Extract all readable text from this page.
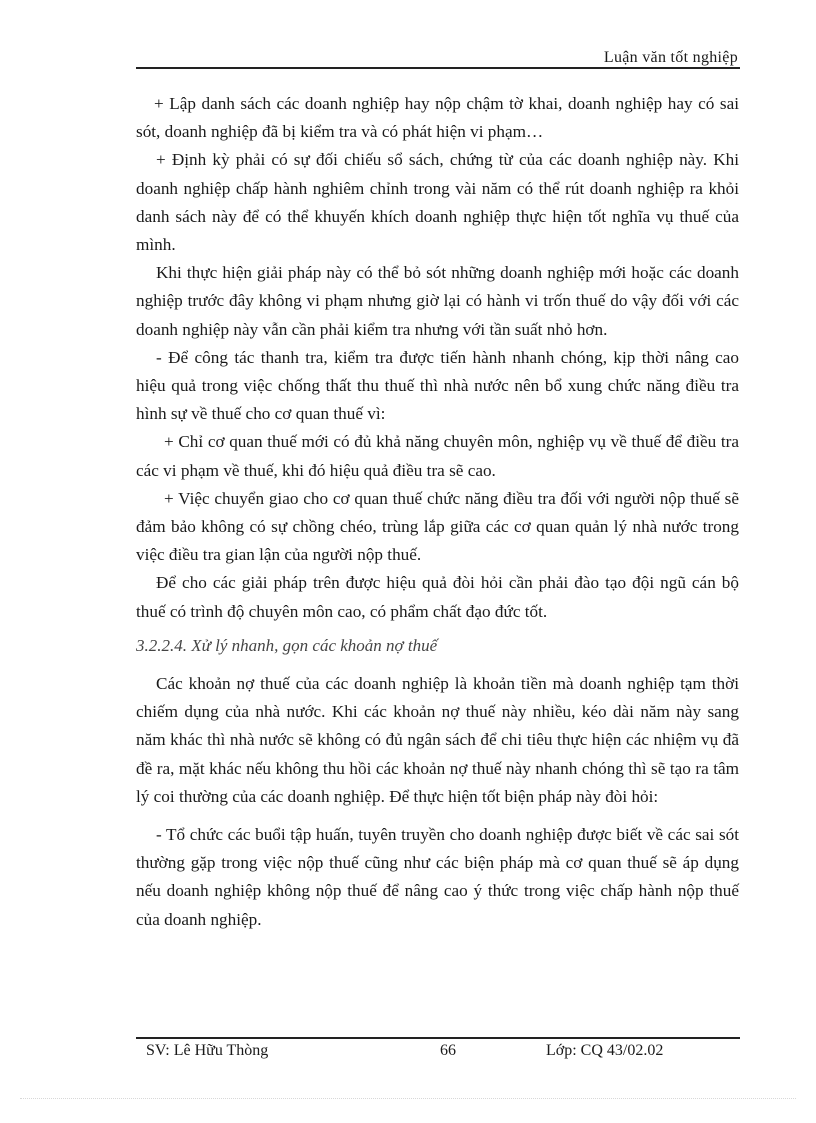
Luận văn tốt nghiệp

+ Lập danh sách các doanh nghiệp hay nộp chậm tờ khai, doanh nghiệp hay có sai sót, doanh nghiệp đã bị kiểm tra và có phát hiện vi phạm…

+ Định kỳ phải có sự đối chiếu sổ sách, chứng từ của các doanh nghiệp này. Khi doanh nghiệp chấp hành nghiêm chỉnh trong vài năm có thể rút doanh nghiệp ra khỏi danh sách này để có thể khuyến khích doanh nghiệp thực hiện tốt nghĩa vụ thuế của mình.

Khi thực hiện giải pháp này có thể bỏ sót những doanh nghiệp mới hoặc các doanh nghiệp trước đây không vi phạm nhưng giờ lại có hành vi trốn thuế do vậy đối với các doanh nghiệp này vẫn cần phải kiểm tra nhưng với tần suất nhỏ hơn.

- Để công tác thanh tra, kiểm tra được tiến hành nhanh chóng, kịp thời nâng cao hiệu quả trong việc chống thất thu thuế thì nhà nước nên bổ xung chức năng điều tra hình sự về thuế cho cơ quan thuế vì:

+ Chỉ cơ quan thuế mới có đủ khả năng chuyên môn, nghiệp vụ về thuế để điều tra các vi phạm về thuế, khi đó hiệu quả điều tra sẽ cao.

+ Việc chuyển giao cho cơ quan thuế chức năng điều tra đối với người nộp thuế sẽ đảm bảo không có sự chồng chéo, trùng lắp giữa các cơ quan quản lý nhà nước trong việc điều tra gian lận của người nộp thuế.

Để cho các giải pháp trên được hiệu quả đòi hỏi cần phải đào tạo đội ngũ cán bộ thuế có trình độ chuyên môn cao, có phẩm chất đạo đức tốt.

3.2.2.4. Xử lý nhanh, gọn các khoản nợ thuế

Các khoản nợ thuế của các doanh nghiệp là khoản tiền mà doanh nghiệp tạm thời chiếm dụng của nhà nước. Khi các khoản nợ thuế này nhiều, kéo dài năm này sang năm khác thì nhà nước sẽ không có đủ ngân sách để chi tiêu thực hiện các nhiệm vụ đã đề ra, mặt khác nếu không thu hồi các khoản nợ thuế này nhanh chóng thì sẽ tạo ra tâm lý coi thường của các doanh nghiệp. Để thực hiện tốt biện pháp này đòi hỏi:

- Tổ chức các buổi tập huấn, tuyên truyền cho doanh nghiệp được biết về các sai sót thường gặp trong việc nộp thuế cũng như các biện pháp mà cơ quan thuế sẽ áp dụng nếu doanh nghiệp không nộp thuế để nâng cao ý thức trong việc chấp hành nộp thuế của doanh nghiệp.

SV: Lê Hữu Thòng	66	Lớp: CQ 43/02.02
